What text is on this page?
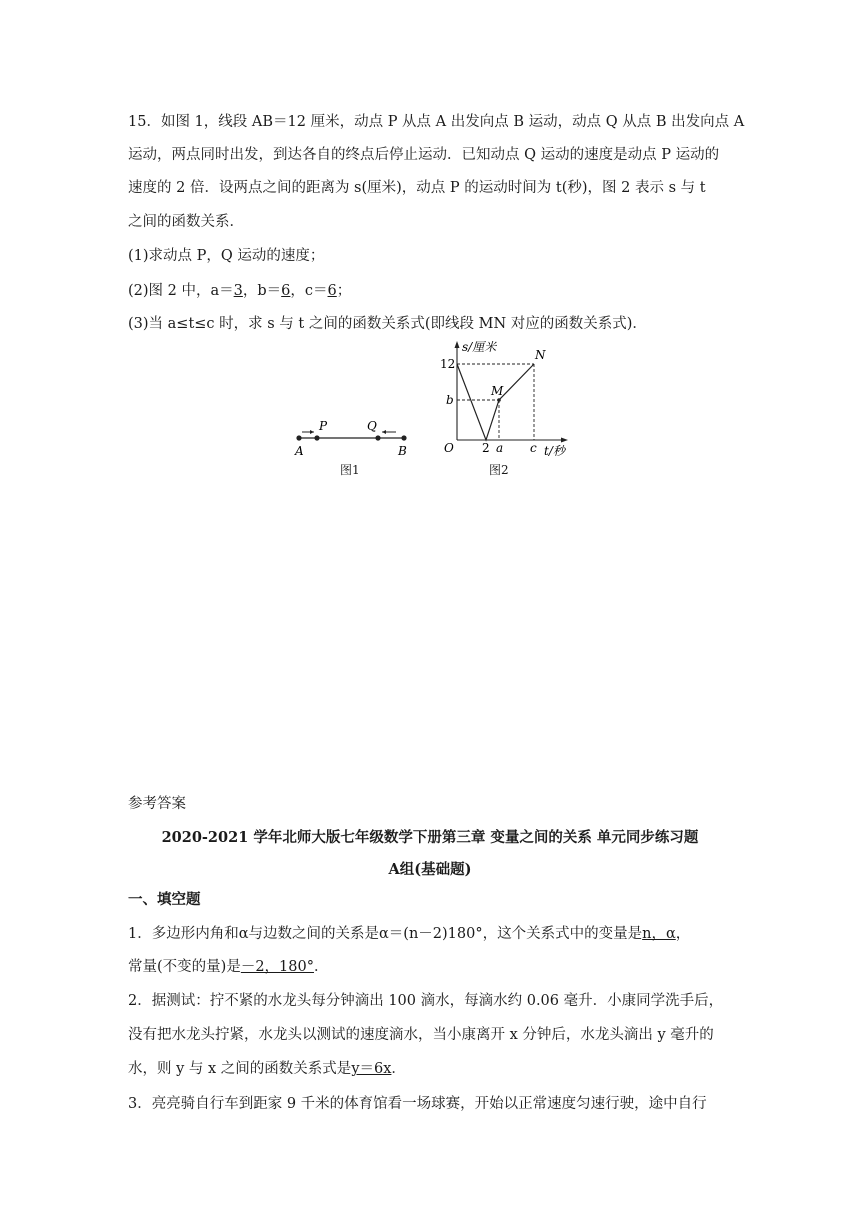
15．如图 1，线段 AB＝12 厘米，动点 P 从点 A 出发向点 B 运动，动点 Q 从点 B 出发向点 A
运动，两点同时出发，到达各自的终点后停止运动．已知动点 Q 运动的速度是动点 P 运动的
速度的 2 倍．设两点之间的距离为 s(厘米)，动点 P 的运动时间为 t(秒)，图 2 表示 s 与 t
之间的函数关系．
(1)求动点 P，Q 运动的速度；
(2)图 2 中，a＝3，b＝6，c＝6；
(3)当 a≤t≤c 时，求 s 与 t 之间的函数关系式(即线段 MN 对应的函数关系式)．
A
P	Q
B
图1
s/厘米
12
b
O 2 a c t/秒
M
N
图2
参考答案
2020-2021 学年北师大版七年级数学下册第三章 变量之间的关系 单元同步练习题
A组(基础题)
一、填空题
1．多边形内角和α与边数之间的关系是α＝(n－2)180°，这个关系式中的变量是n，α，
常量(不变的量)是－2，180°．
2．据测试：拧不紧的水龙头每分钟滴出 100 滴水，每滴水约 0.06 毫升．小康同学洗手后，
没有把水龙头拧紧，水龙头以测试的速度滴水，当小康离开 x 分钟后，水龙头滴出 y 毫升的
水，则 y 与 x 之间的函数关系式是y＝6x．
3．亮亮骑自行车到距家 9 千米的体育馆看一场球赛，开始以正常速度匀速行驶，途中自行
